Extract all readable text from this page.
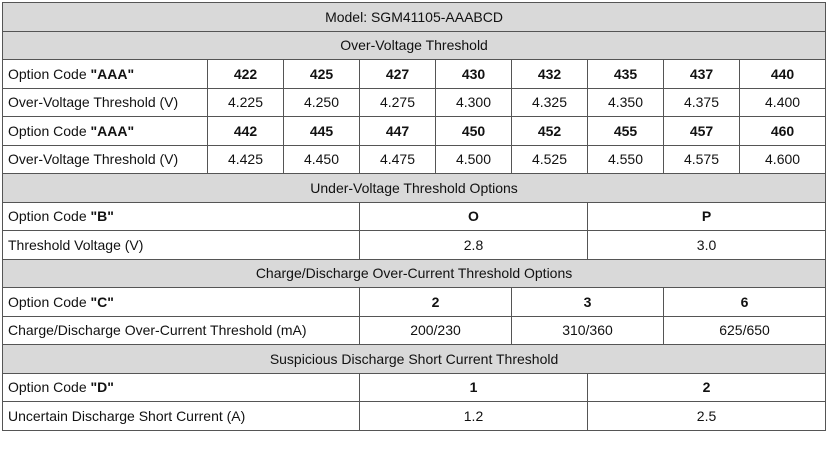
Model: SGM41105-AAABCD								
Over-Voltage Threshold								
Option Code "AAA"	422	425	427	430	432	435	437	440
Over-Voltage Threshold (V)	4.225	4.250	4.275	4.300	4.325	4.350	4.375	4.400
Option Code "AAA"	442	445	447	450	452	455	457	460
Over-Voltage Threshold (V)	4.425	4.450	4.475	4.500	4.525	4.550	4.575	4.600
Under-Voltage Threshold Options								
Option Code "B"			O			P		
Threshold Voltage (V)			2.8			3.0		
Charge/Discharge Over-Current Threshold Options								
Option Code "C"			2		3		6	
Charge/Discharge Over-Current Threshold (mA)			200/230		310/360		625/650	
Suspicious Discharge Short Current Threshold								
Option Code "D"			1			2		
Uncertain Discharge Short Current (A)			1.2			2.5		
